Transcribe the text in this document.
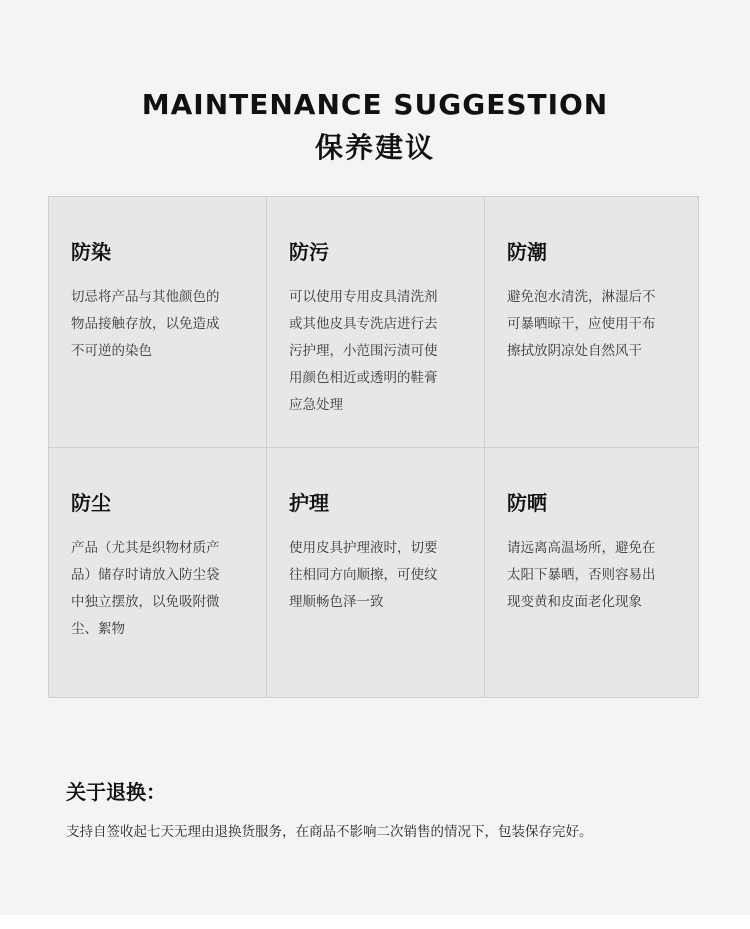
MAINTENANCE SUGGESTION
保养建议
防染
切忌将产品与其他颜色的
物品接触存放，以免造成
不可逆的染色
防污
可以使用专用皮具清洗剂
或其他皮具专洗店进行去
污护理，小范围污渍可使
用颜色相近或透明的鞋膏
应急处理
防潮
避免泡水清洗，淋湿后不
可暴晒晾干，应使用干布
擦拭放阴凉处自然风干
防尘
产品（尤其是织物材质产
品）储存时请放入防尘袋
中独立摆放，以免吸附微
尘、絮物
护理
使用皮具护理液时，切要
往相同方向顺擦，可使纹
理顺畅色泽一致
防晒
请远离高温场所，避免在
太阳下暴晒，否则容易出
现变黄和皮面老化现象
关于退换：
支持自签收起七天无理由退换货服务，在商品不影响二次销售的情况下，包装保存完好。
